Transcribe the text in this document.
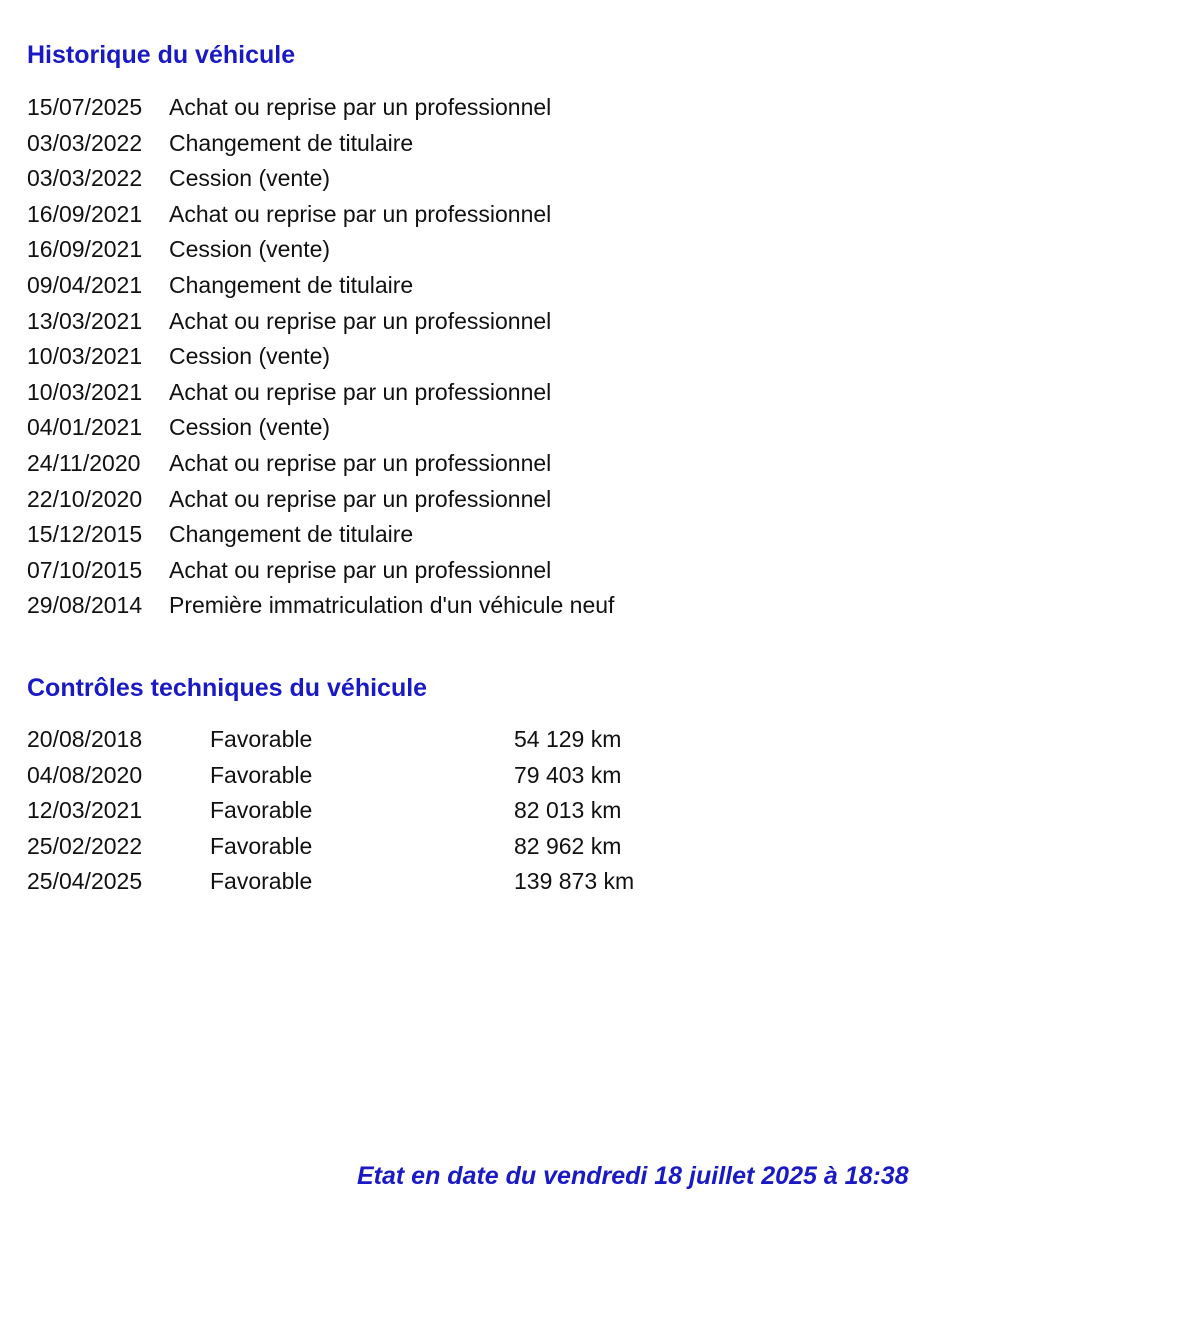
Historique du véhicule
15/07/2025	Achat ou reprise par un professionnel
03/03/2022	Changement de titulaire
03/03/2022	Cession (vente)
16/09/2021	Achat ou reprise par un professionnel
16/09/2021	Cession (vente)
09/04/2021	Changement de titulaire
13/03/2021	Achat ou reprise par un professionnel
10/03/2021	Cession (vente)
10/03/2021	Achat ou reprise par un professionnel
04/01/2021	Cession (vente)
24/11/2020	Achat ou reprise par un professionnel
22/10/2020	Achat ou reprise par un professionnel
15/12/2015	Changement de titulaire
07/10/2015	Achat ou reprise par un professionnel
29/08/2014	Première immatriculation d'un véhicule neuf
Contrôles techniques du véhicule
20/08/2018	Favorable	54 129 km
04/08/2020	Favorable	79 403 km
12/03/2021	Favorable	82 013 km
25/02/2022	Favorable	82 962 km
25/04/2025	Favorable	139 873 km

Etat en date du vendredi 18 juillet 2025 à 18:38
